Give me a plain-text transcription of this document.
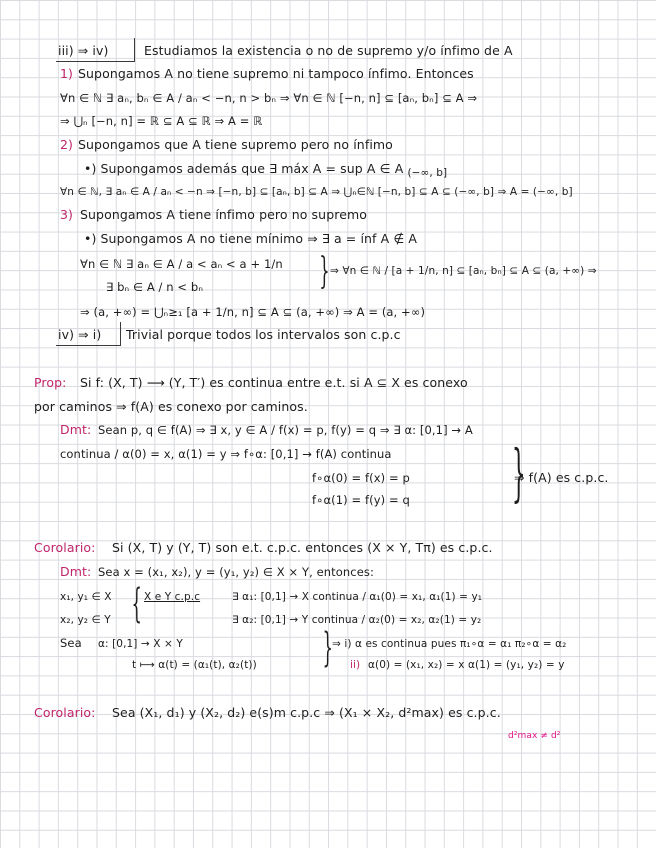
iii) ⇒ iv)	Estudiamos la existencia o no de supremo y/o ínfimo de A
1) Supongamos A no tiene supremo ni tampoco ínfimo. Entonces
∀n ∈ ℕ ∃ aₙ, bₙ ∈ A / aₙ < −n, n > bₙ ⇒ ∀n ∈ ℕ [−n, n] ⊆ [aₙ, bₙ] ⊆ A ⇒
⇒ ⋃ₙ [−n, n] = ℝ ⊆ A ⊆ ℝ ⇒ A = ℝ
2) Supongamos que A tiene supremo pero no ínfimo
•) Supongamos además que ∃ máx A = sup A ∈ A $_{(-\infty, b]}$
∀n ∈ ℕ, ∃ aₙ ∈ A / aₙ < −n ⇒ [−n, b] ⊆ [aₙ, b] ⊆ A ⇒ ⋃ₙ∈ℕ [−n, b] ⊆ A ⊆ (−∞, b] ⇒ A = (−∞, b]
3) Supongamos A tiene ínfimo pero no supremo
•) Supongamos A no tiene mínimo ⇒ ∃ a = ínf A ∉ A
∀n ∈ ℕ ∃ aₙ ∈ A / a < aₙ < a + 1/n } ⇒ ∀n ∈ ℕ / [a + 1/n, n] ⊆ [aₙ, bₙ] ⊆ A ⊆ (a, +∞) ⇒
∃ bₙ ∈ A / n < bₙ
⇒ (a, +∞) = ⋃ₙ≥₁ [a + 1/n, n] ⊆ A ⊆ (a, +∞) ⇒ A = (a, +∞)
iv) ⇒ i) Trivial porque todos los intervalos son c.p.c
Prop: Si f: (X, T) ⟶ (Y, T′) es continua entre e.t. si A ⊆ X es conexo
por caminos ⇒ f(A) es conexo por caminos.
Dmt: Sean p, q ∈ f(A) ⇒ ∃ x, y ∈ A / f(x) = p, f(y) = q ⇒ ∃ α: [0,1] → A
continua / α(0) = x, α(1) = y ⇒ f∘α: [0,1] → f(A) continua
f∘α(0) = f(x) = p
f∘α(1) = f(y) = q }
⇒ f(A) es c.p.c.
Corolario: Si (X, T) y (Y, T) son e.t. c.p.c. entonces (X × Y, Tπ) es c.p.c.
Dmt: Sea x = (x₁, x₂), y = (y₁, y₂) ∈ X × Y, entonces:
x₁, y₁ ∈ X
x₂, y₂ ∈ Y { X e Y c.p.c	∃ α₁: [0,1] → X continua / α₁(0) = x₁, α₁(1) = y₁
∃ α₂: [0,1] → Y continua / α₂(0) = x₂, α₂(1) = y₂
Sea α: [0,1] → X × Y
t ⟼ α(t) = (α₁(t), α₂(t)) } ⇒ i) α es continua pues π₁∘α = α₁ π₂∘α = α₂
ii) α(0) = (x₁, x₂) = x α(1) = (y₁, y₂) = y
Corolario: Sea (X₁, d₁) y (X₂, d₂) e(s)m c.p.c ⇒ (X₁ × X₂, d²max) es c.p.c.
d²max ≠ d²
